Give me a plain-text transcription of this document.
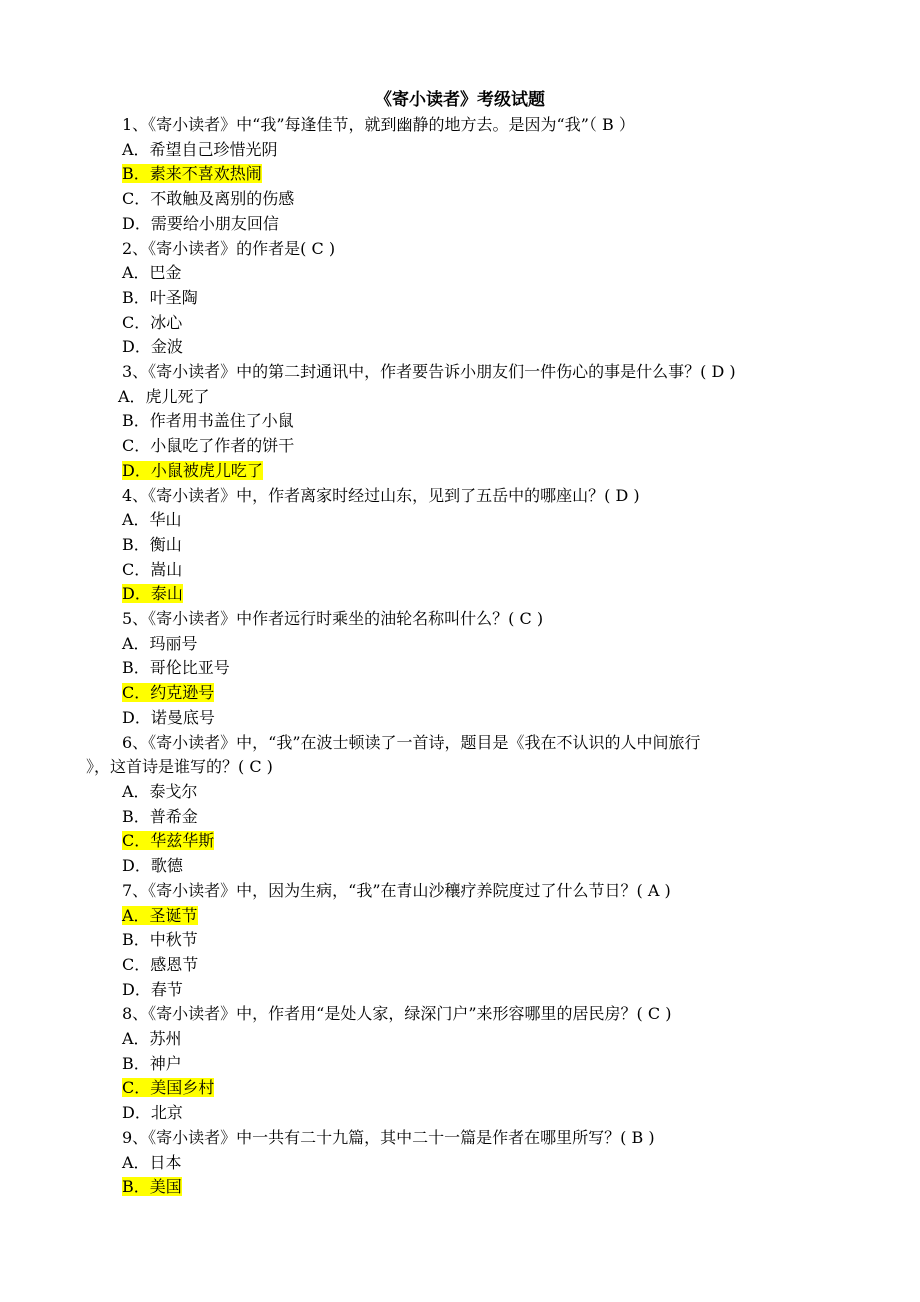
《寄小读者》考级试题
1、《寄小读者》中“我”每逢佳节，就到幽静的地方去。是因为“我”（ B ）
A．希望自己珍惜光阴
B．素来不喜欢热闹
C．不敢触及离别的伤感
D．需要给小朋友回信
2、《寄小读者》的作者是( C )
A．巴金
B．叶圣陶
C．冰心
D．金波
3、《寄小读者》中的第二封通讯中，作者要告诉小朋友们一件伤心的事是什么事？( D )
A．虎儿死了
B．作者用书盖住了小鼠
C．小鼠吃了作者的饼干
D．小鼠被虎儿吃了
4、《寄小读者》中，作者离家时经过山东，见到了五岳中的哪座山？( D )
A．华山
B．衡山
C．嵩山
D．泰山
5、《寄小读者》中作者远行时乘坐的油轮名称叫什么？( C )
A．玛丽号
B．哥伦比亚号
C．约克逊号
D．诺曼底号
6、《寄小读者》中，“我”在波士顿读了一首诗，题目是《我在不认识的人中间旅行
》，这首诗是谁写的？( C )
A．泰戈尔
B．普希金
C．华兹华斯
D．歌德
7、《寄小读者》中，因为生病，“我”在青山沙穰疗养院度过了什么节日？( A )
A．圣诞节
B．中秋节
C．感恩节
D．春节
8、《寄小读者》中，作者用“是处人家，绿深门户”来形容哪里的居民房？( C )
A．苏州
B．神户
C．美国乡村
D．北京
9、《寄小读者》中一共有二十九篇，其中二十一篇是作者在哪里所写？( B )
A．日本
B．美国
